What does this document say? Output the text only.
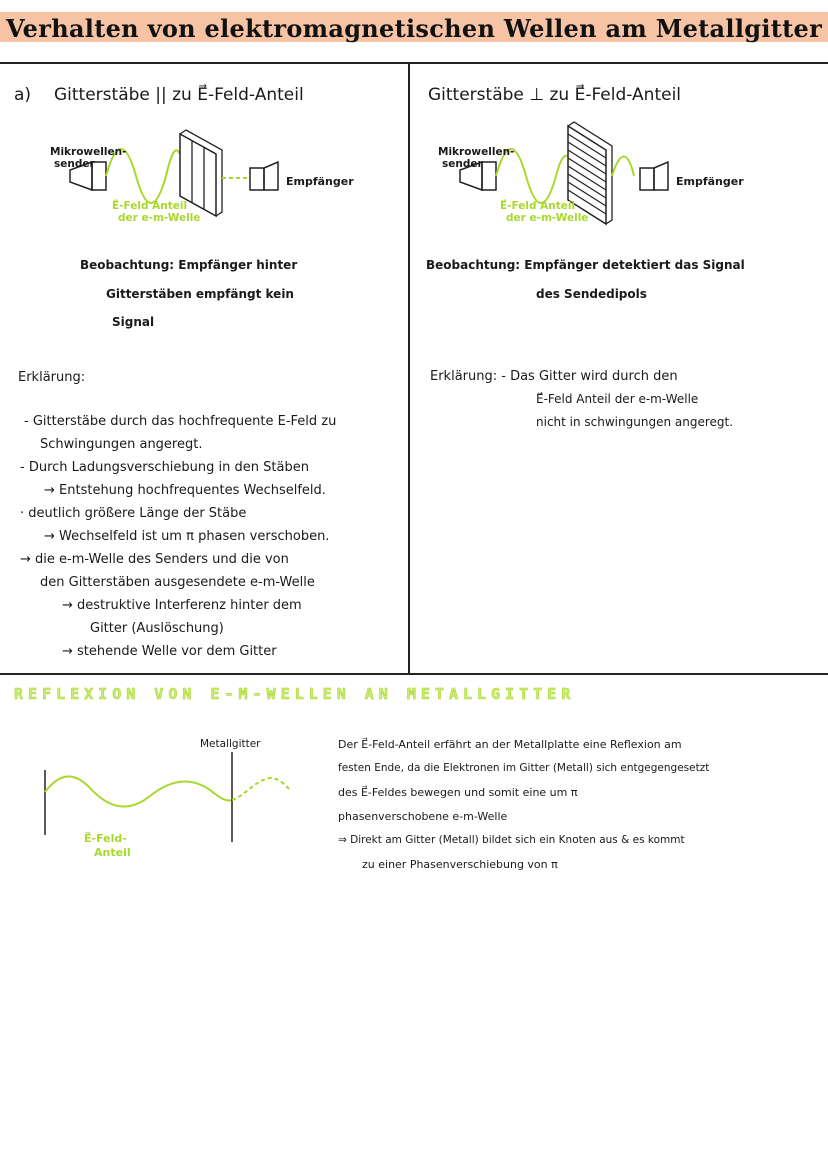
Verhalten von elektromagnetischen Wellen am Metallgitter
a) Gitterstäbe || zu E⃗-Feld-Anteil
Mikrowellen-
sender
Empfänger
E⃗-Feld Anteil
der e-m-Welle
Beobachtung: Empfänger hinter
Gitterstäben empfängt kein
Signal
Erklärung:
- Gitterstäbe durch das hochfrequente E-Feld zu
Schwingungen angeregt.
- Durch Ladungsverschiebung in den Stäben
→ Entstehung hochfrequentes Wechselfeld.
· deutlich größere Länge der Stäbe
→ Wechselfeld ist um π phasen verschoben.
→ die e-m-Welle des Senders und die von
den Gitterstäben ausgesendete e-m-Welle
→ destruktive Interferenz hinter dem
Gitter (Auslöschung)
→ stehende Welle vor dem Gitter
Gitterstäbe ⊥ zu E⃗-Feld-Anteil
Mikrowellen-
sender
Empfänger
E⃗-Feld Anteil
der e-m-Welle
Beobachtung: Empfänger detektiert das Signal
des Sendedipols
Erklärung: - Das Gitter wird durch den
E⃗-Feld Anteil der e-m-Welle
nicht in schwingungen angeregt.
REFLEXION VON E-M-WELLEN AN METALLGITTER
Metallgitter
E⃗-Feld-
Anteil
Der E⃗-Feld-Anteil erfährt an der Metallplatte eine Reflexion am
festen Ende, da die Elektronen im Gitter (Metall) sich entgegengesetzt
des E⃗-Feldes bewegen und somit eine um π
phasenverschobene e-m-Welle
⇒ Direkt am Gitter (Metall) bildet sich ein Knoten aus & es kommt
zu einer Phasenverschiebung von π
